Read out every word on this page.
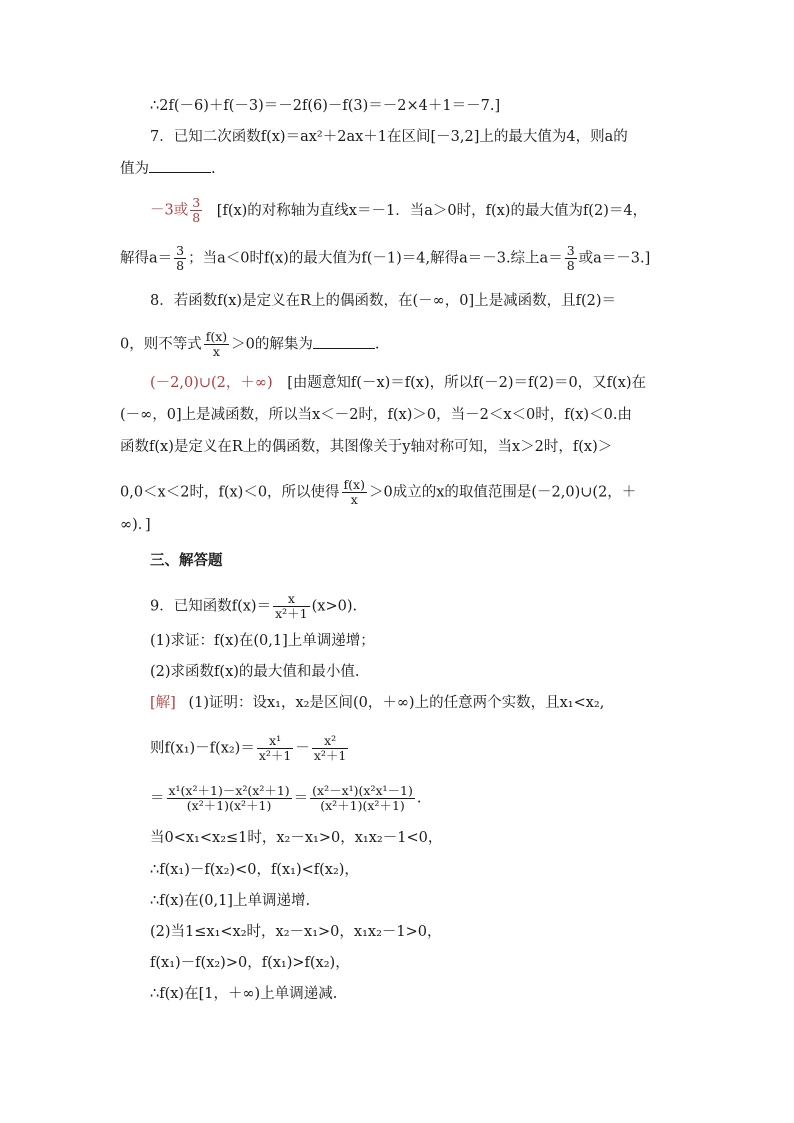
∴2f(－6)＋f(－3)＝－2f(6)－f(3)＝－2×4＋1＝－7.]
7．已知二次函数f(x)＝ax²＋2ax＋1在区间[－3,2]上的最大值为4，则a的
值为	.
－3或 $\frac{3}{8} [f(x)$的对称轴为直线x＝－1．当a＞0时，f(x)的最大值为f(2)＝4，
解得$a= \frac{3}{8}$ ；当a＜0时f(x)的最大值为f(－1)＝4,解得a＝－3.综上$a= \frac{3}{8}$ 或a＝－3.]
8．若函数f(x)是定义在R上的偶函数，在(－∞，0]上是减函数，且f(2)＝
0，则不等式 $\frac{f(x)}{x} >0$的解集为	.
(－2,0)∪(2，＋∞) [由题意知f(－x)＝f(x)，所以f(－2)＝f(2)＝0，又f(x)在
(－∞，0]上是减函数，所以当x＜－2时，f(x)＞0，当－2＜x＜0时，f(x)＜0.由
函数f(x)是定义在R上的偶函数，其图像关于y轴对称可知，当x＞2时，f(x)＞
0,0＜x＜2时，f(x)＜0，所以使得 $\frac{f(x)}{x} >0$成立的x的取值范围是(－2,0)∪(2，＋
∞)．]
三、解答题
9．已知函数$f(x)= \frac{x}{\text{x²＋1}} (x>0)$.
(1)求证：f(x)在(0,1]上单调递增；
(2)求函数f(x)的最大值和最小值.
[解] (1)证明：设x₁，x₂是区间(0，＋∞)上的任意两个实数，且x₁<x₂,
则$f(x_1)-f(x_2)= \frac{\text{x¹}}{\text{x²＋1}} - \frac{\text{x²}}{\text{x²＋1}}$
＝ $\frac{\text{x¹(x²＋1)－x²(x²＋1)}}{\text{(x²＋1)(x²＋1)}} = \frac{\text{(x²－x¹)(x²x¹－1)}}{\text{(x²＋1)(x²＋1)}}$ .
当0<x₁<x₂≤1时，x₂－x₁>0，x₁x₂－1<0，
∴f(x₁)－f(x₂)<0，f(x₁)<f(x₂)，
∴f(x)在(0,1]上单调递增.
(2)当1≤x₁<x₂时，x₂－x₁>0，x₁x₂－1>0，
f(x₁)－f(x₂)>0，f(x₁)>f(x₂)，
∴f(x)在[1，＋∞)上单调递减.
